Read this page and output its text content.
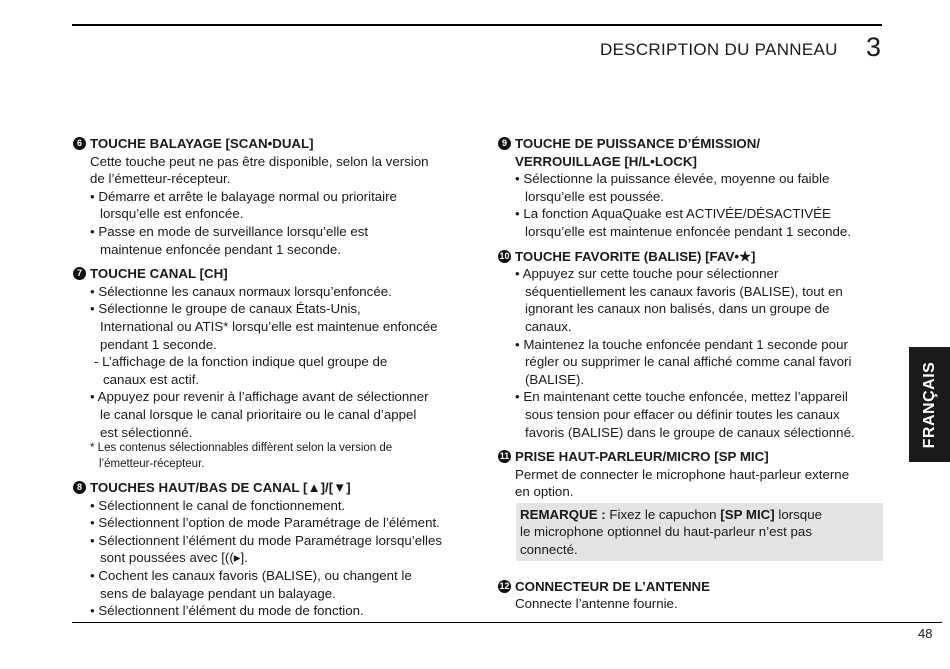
DESCRIPTION DU PANNEAU 3
FRANÇAIS
6 TOUCHE BALAYAGE [SCAN•DUAL]
Cette touche peut ne pas être disponible, selon la version
de l’émetteur-récepteur.
• Démarre et arrête le balayage normal ou prioritaire
lorsqu’elle est enfoncée.
• Passe en mode de surveillance lorsqu’elle est
maintenue enfoncée pendant 1 seconde.
7 TOUCHE CANAL [CH]
• Sélectionne les canaux normaux lorsqu’enfoncée.
• Sélectionne le groupe de canaux États-Unis,
International ou ATIS* lorsqu’elle est maintenue enfoncée
pendant 1 seconde.
- L’affichage de la fonction indique quel groupe de
canaux est actif.
• Appuyez pour revenir à l’affichage avant de sélectionner
le canal lorsque le canal prioritaire ou le canal d’appel
est sélectionné.
* Les contenus sélectionnables diffèrent selon la version de
l’émetteur-récepteur.
8 TOUCHES HAUT/BAS DE CANAL [▲]/[▼]
• Sélectionnent le canal de fonctionnement.
• Sélectionnent l’option de mode Paramétrage de l’élément.
• Sélectionnent l’élément du mode Paramétrage lorsqu’elles
sont poussées avec [((▸].
• Cochent les canaux favoris (BALISE), ou changent le
sens de balayage pendant un balayage.
• Sélectionnent l’élément du mode de fonction.
9 TOUCHE DE PUISSANCE D’ÉMISSION/
VERROUILLAGE [H/L•LOCK]
• Sélectionne la puissance élevée, moyenne ou faible
lorsqu’elle est poussée.
• La fonction AquaQuake est ACTIVÉE/DÉSACTIVÉE
lorsqu’elle est maintenue enfoncée pendant 1 seconde.
10 TOUCHE FAVORITE (BALISE) [FAV•★]
• Appuyez sur cette touche pour sélectionner
séquentiellement les canaux favoris (BALISE), tout en
ignorant les canaux non balisés, dans un groupe de
canaux.
• Maintenez la touche enfoncée pendant 1 seconde pour
régler ou supprimer le canal affiché comme canal favori
(BALISE).
• En maintenant cette touche enfoncée, mettez l’appareil
sous tension pour effacer ou définir toutes les canaux
favoris (BALISE) dans le groupe de canaux sélectionné.
11 PRISE HAUT-PARLEUR/MICRO [SP MIC]
Permet de connecter le microphone haut-parleur externe
en option.
REMARQUE : Fixez le capuchon [SP MIC] lorsque
le microphone optionnel du haut-parleur n’est pas
connecté.
12 CONNECTEUR DE L’ANTENNE
Connecte l’antenne fournie.
48
